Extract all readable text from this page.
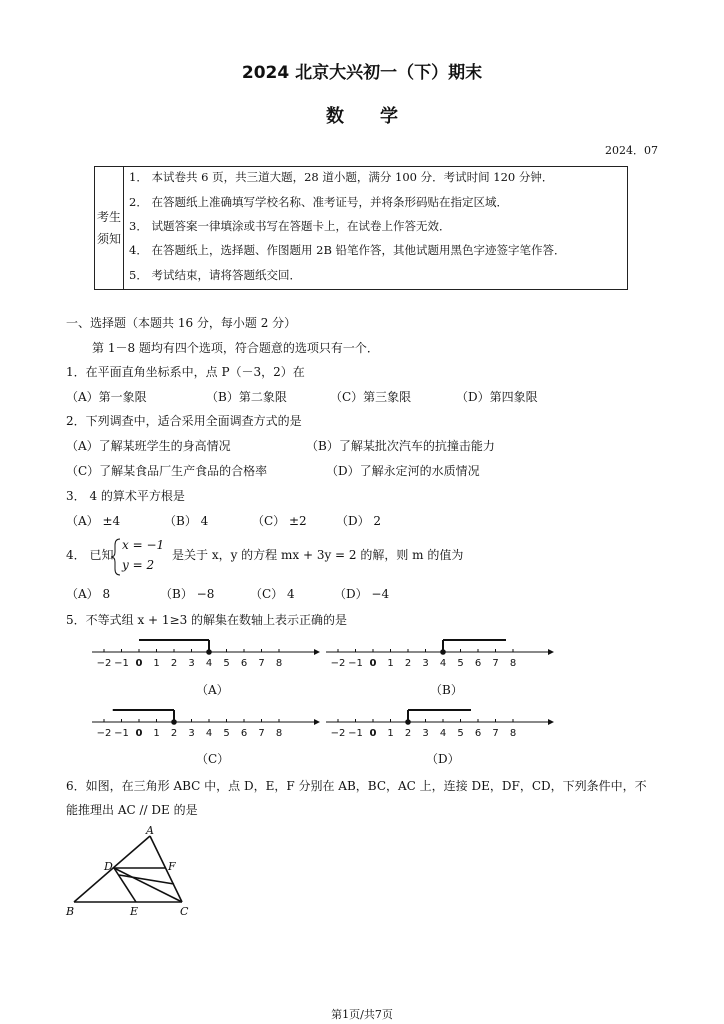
2024 北京大兴初一（下）期末
数学
2024．07
考生
须知
1． 本试卷共 6 页，共三道大题，28 道小题，满分 100 分．考试时间 120 分钟．
2． 在答题纸上准确填写学校名称、准考证号，并将条形码贴在指定区域．
3． 试题答案一律填涂或书写在答题卡上，在试卷上作答无效．
4． 在答题纸上，选择题、作图题用 2B 铅笔作答，其他试题用黑色字迹签字笔作答．
5． 考试结束，请将答题纸交回．
一、选择题（本题共 16 分，每小题 2 分）
第 1－8 题均有四个选项，符合题意的选项只有一个．
1．在平面直角坐标系中，点 P（－3，2）在
（A）第一象限	（B）第二象限	（C）第三象限	（D）第四象限
2．下列调查中，适合采用全面调查方式的是
（A）了解某班学生的身高情况	（B）了解某批次汽车的抗撞击能力
（C）了解某食品厂生产食品的合格率	（D）了解永定河的水质情况
3． 4 的算术平方根是
（A） ±4	（B） 4	（C） ±2 （D） 2
4． 已知
x = −1
y = 2
是关于 x，y 的方程 mx + 3y = 2 的解，则 m 的值为
（A） 8	（B） −8	（C） 4	（D） −4
5．不等式组 x + 1≥3 的解集在数轴上表示正确的是
−2 −1 0 1 2 3 4 5 6 7 8	−2 −1 0 1 2 3 4 5 6 7 8
−2 −1 0 1 2 3 4 5 6 7 8	−2 −1 0 1 2 3 4 5 6 7 8
（A）	（B）
（C）	（D）
6．如图，在三角形 ABC 中，点 D，E，F 分别在 AB，BC，AC 上，连接 DE，DF，CD，下列条件中，不
能推理出 AC // DE 的是
A
B	C
D
E
F
第1页/共7页
